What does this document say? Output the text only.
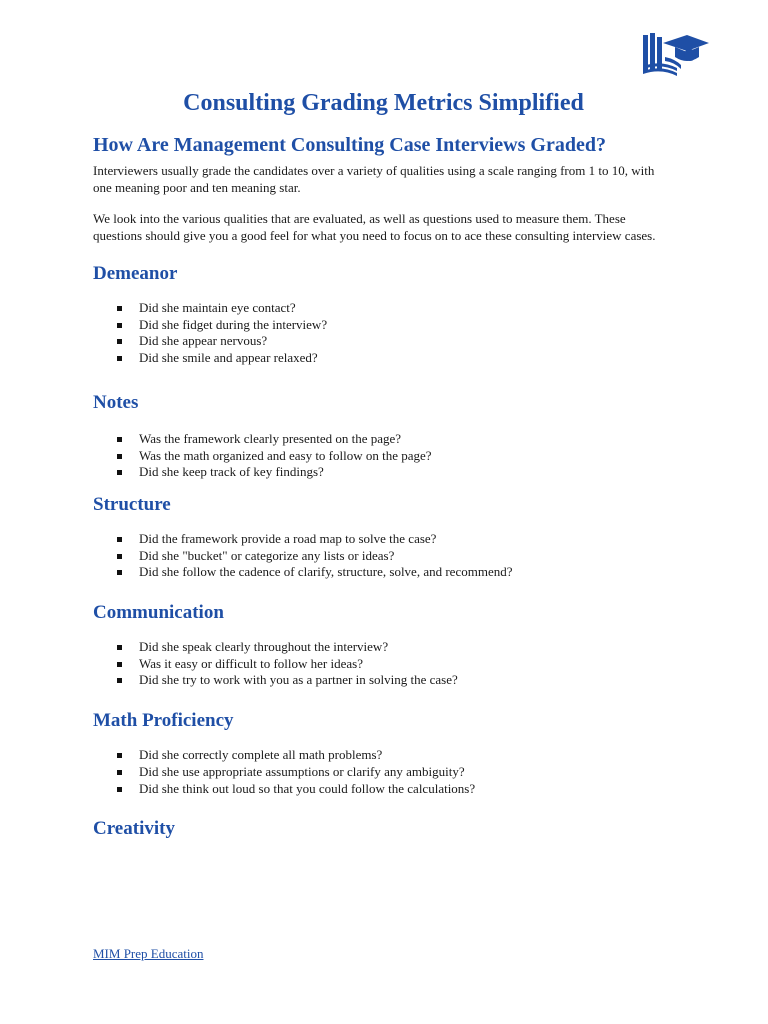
Consulting Grading Metrics Simplified
How Are Management Consulting Case Interviews Graded?

Interviewers usually grade the candidates over a variety of qualities using a scale ranging from 1 to 10, with one meaning poor and ten meaning star.

We look into the various qualities that are evaluated, as well as questions used to measure them. These questions should give you a good feel for what you need to focus on to ace these consulting interview cases.

Demeanor
Did she maintain eye contact?
Did she fidget during the interview?
Did she appear nervous?
Did she smile and appear relaxed?
Notes
Was the framework clearly presented on the page?
Was the math organized and easy to follow on the page?
Did she keep track of key findings?
Structure
Did the framework provide a road map to solve the case?
Did she "bucket" or categorize any lists or ideas?
Did she follow the cadence of clarify, structure, solve, and recommend?
Communication
Did she speak clearly throughout the interview?
Was it easy or difficult to follow her ideas?
Did she try to work with you as a partner in solving the case?
Math Proficiency
Did she correctly complete all math problems?
Did she use appropriate assumptions or clarify any ambiguity?
Did she think out loud so that you could follow the calculations?
Creativity
MIM Prep Education
